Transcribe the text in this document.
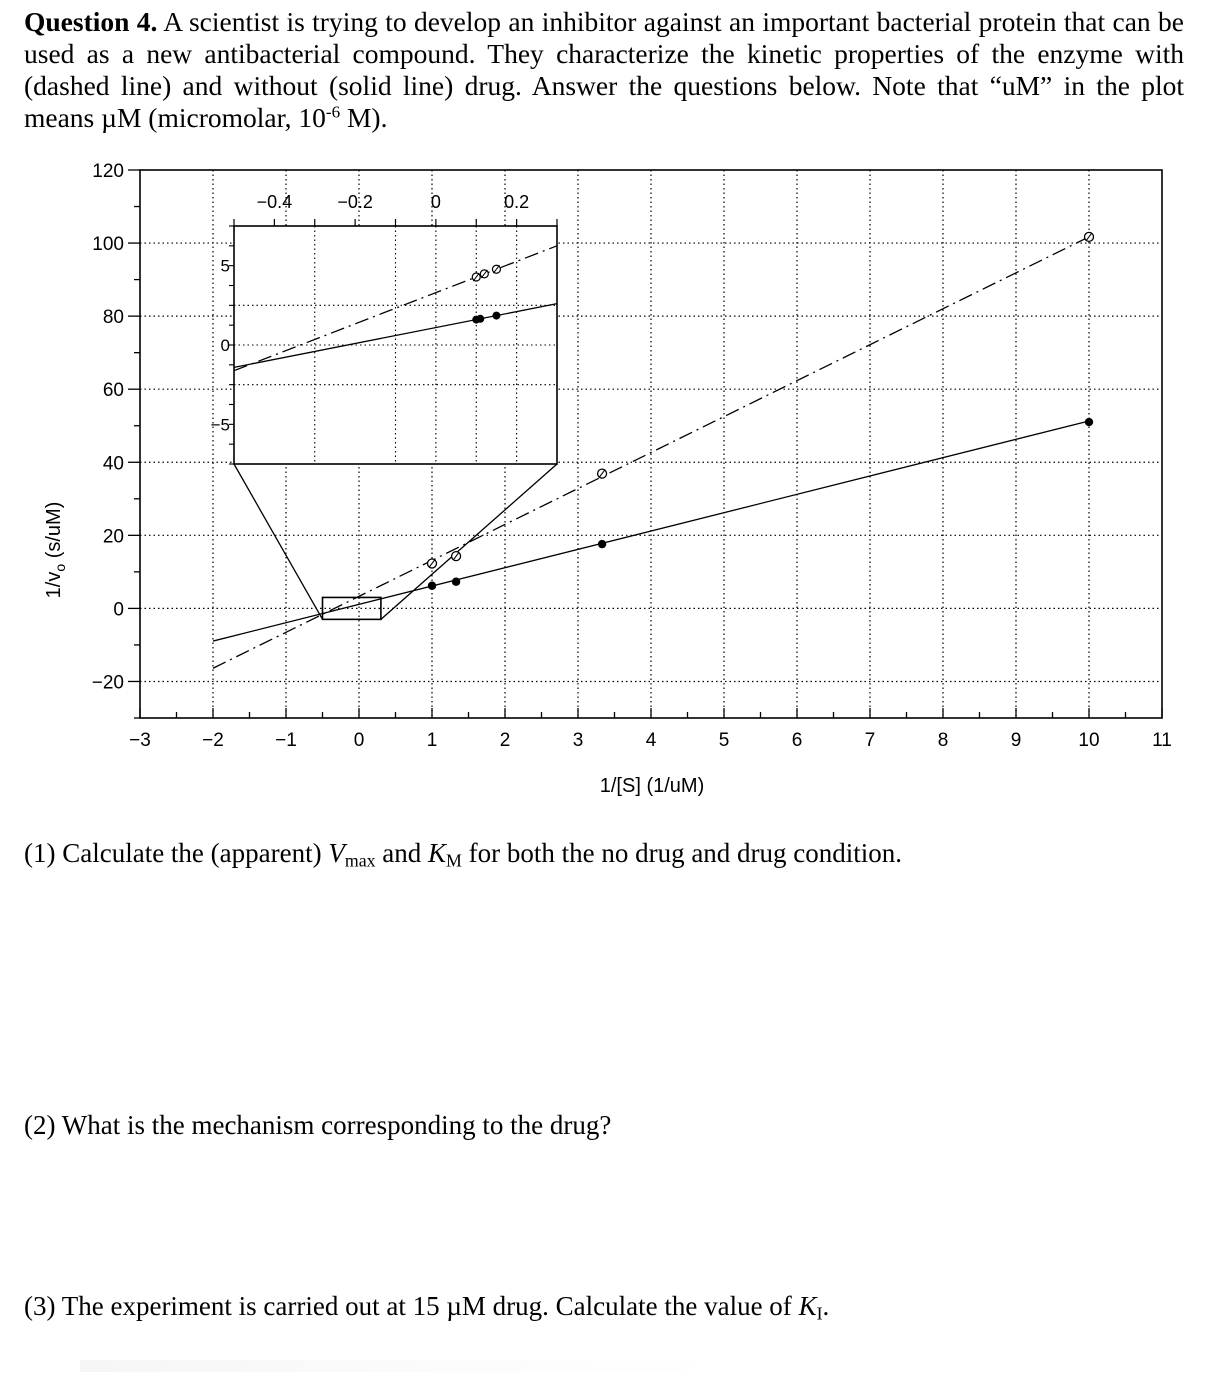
Question 4. A scientist is trying to develop an inhibitor against an important bacterial protein that can be used as a new antibacterial compound. They characterize the kinetic properties of the enzyme with (dashed line) and without (solid line) drug. Answer the questions below. Note that “uM” in the plot means µM (micromolar, $10^{-6}$ M).
−0.4	−0.2	0	0.2
5
0
−5
−3	−2	−1	0	1	2	3	4	5	6	7	8	9	10	11
−20
0
20
40
60
80
100
120
1/[S] (1/uM)
$1/v_o$ (s/uM)
(1) Calculate the (apparent) $V_{max}$ and $K_M$ for both the no drug and drug condition.
(2) What is the mechanism corresponding to the drug?
(3) The experiment is carried out at 15 µM drug. Calculate the value of $K_I$.
